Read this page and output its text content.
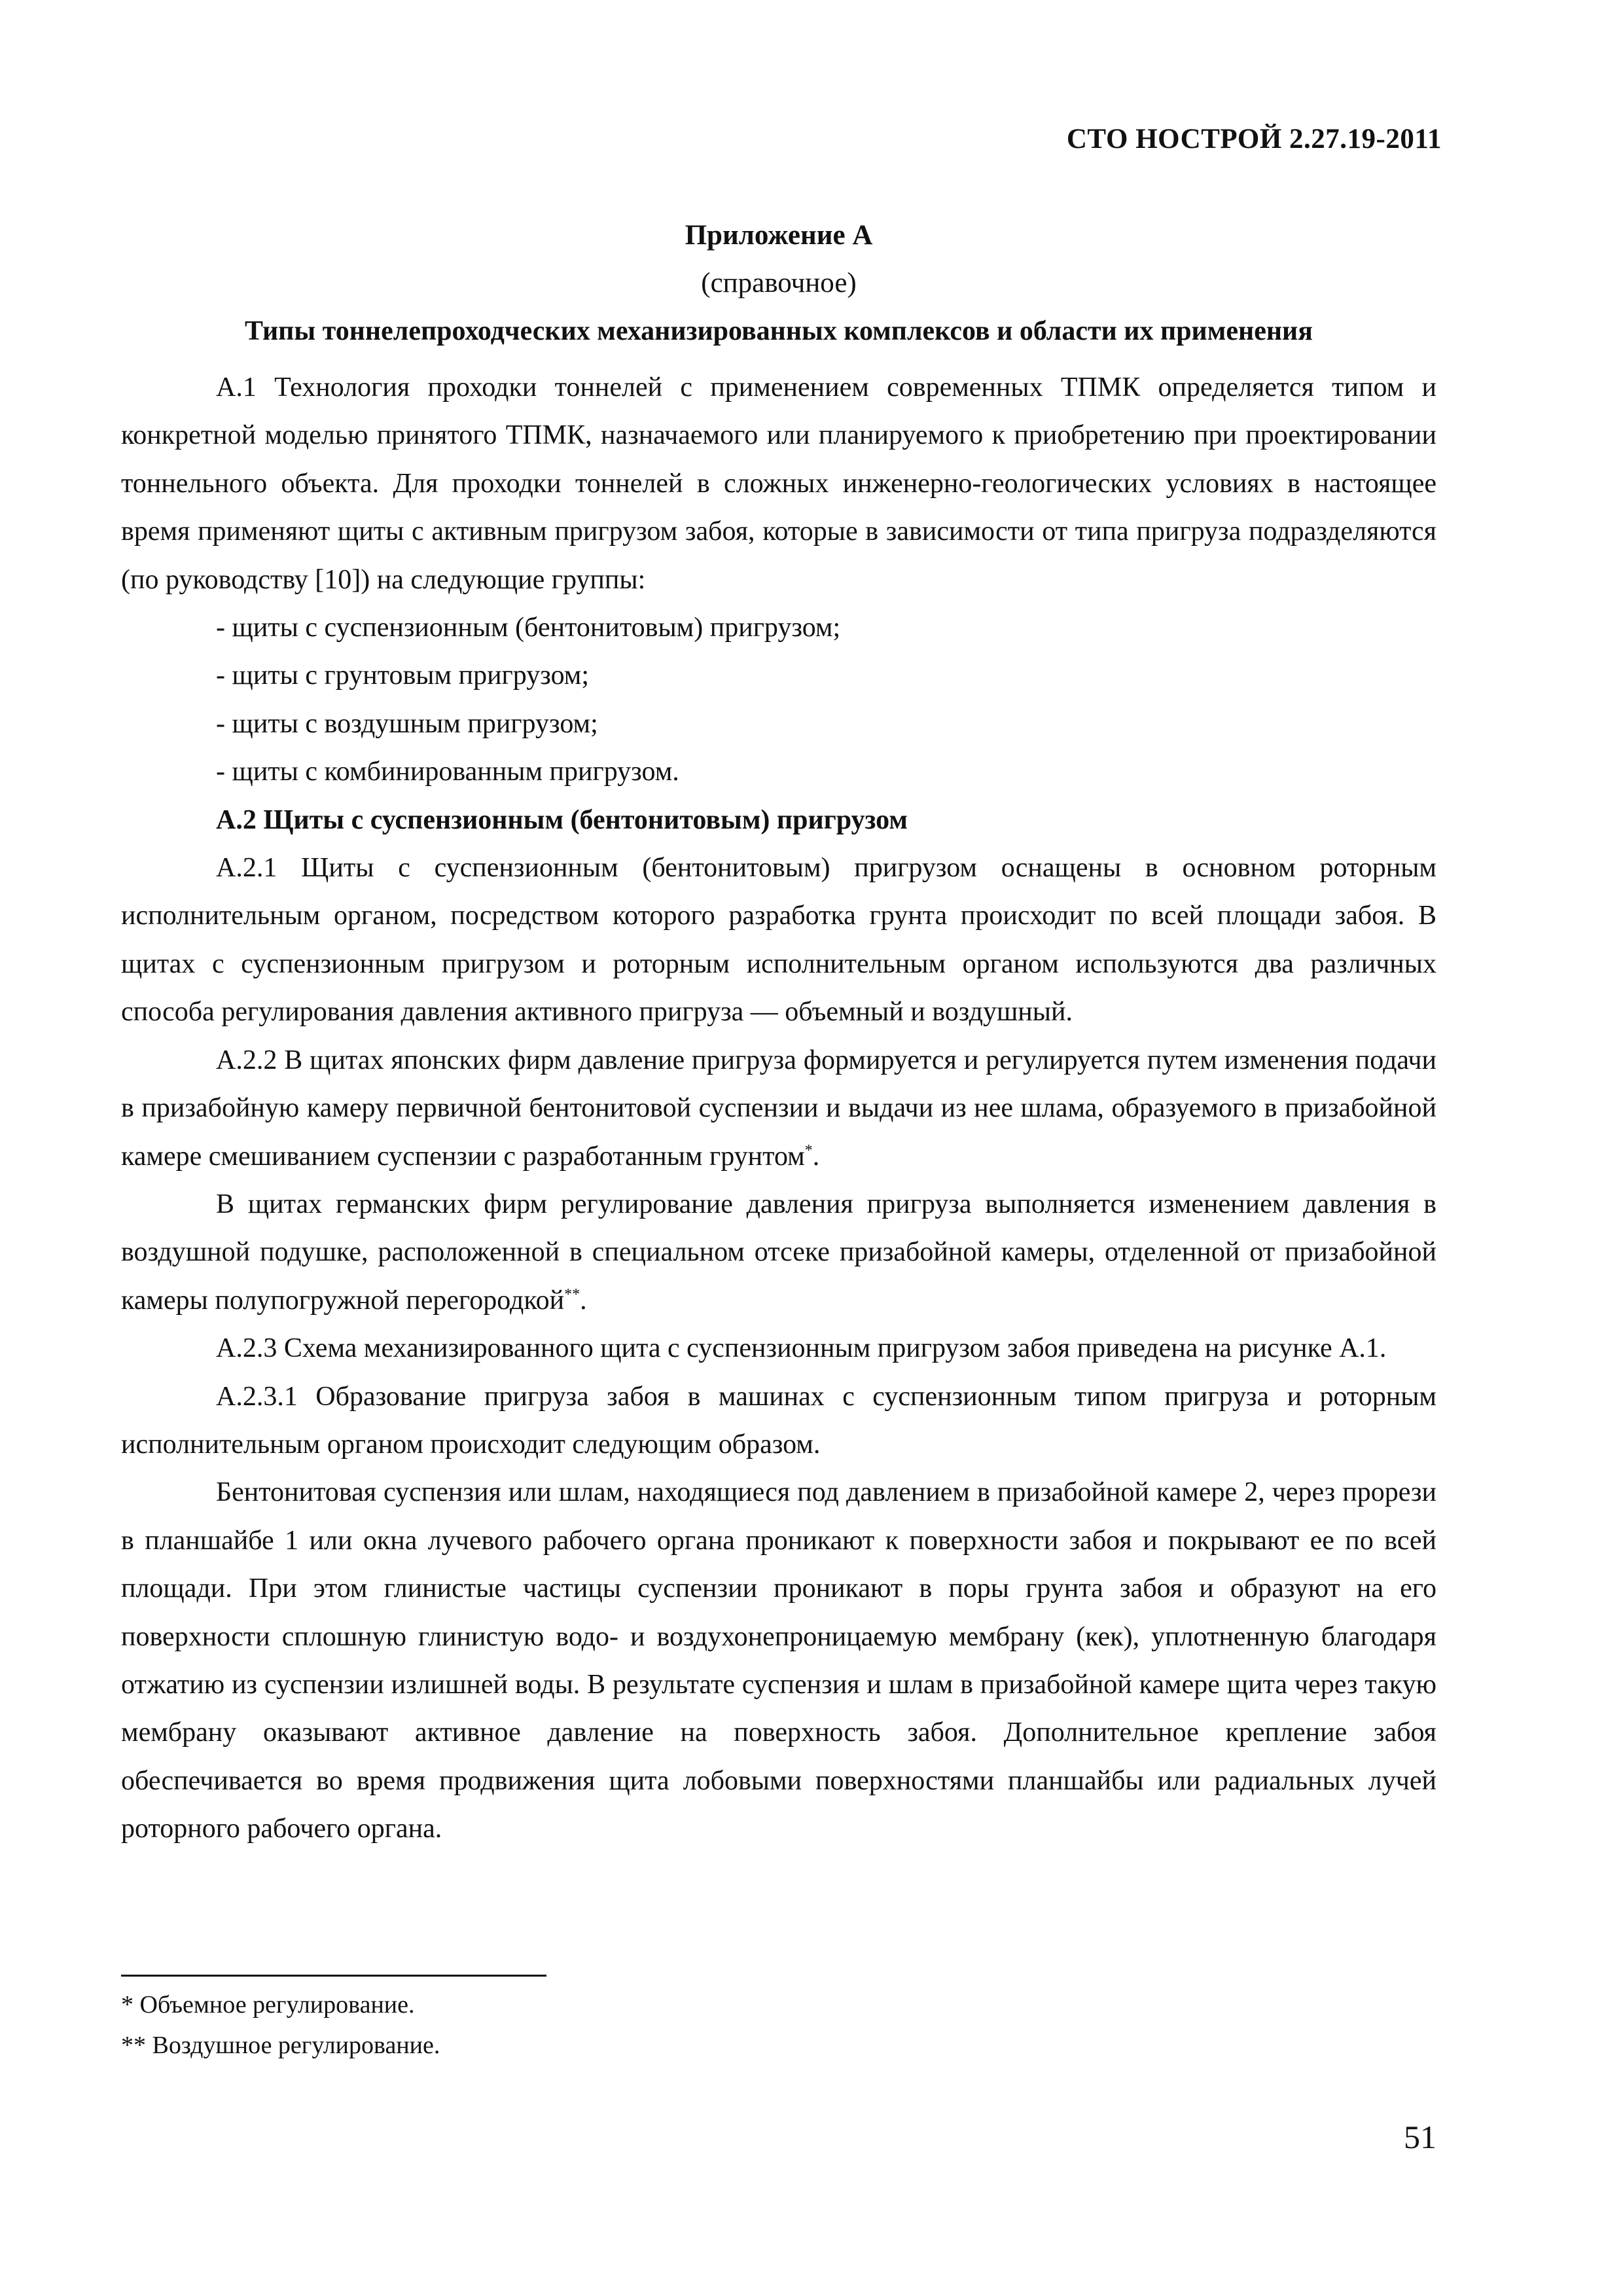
СТО НОСТРОЙ 2.27.19-2011
Приложение А
(справочное)
Типы тоннелепроходческих механизированных комплексов и области их применения

А.1 Технология проходки тоннелей с применением современных ТПМК определяется типом и конкретной моделью принятого ТПМК, назначаемого или планируемого к приобретению при проектировании тоннельного объекта. Для проходки тоннелей в сложных инженерно-геологических условиях в настоящее время применяют щиты с активным пригрузом забоя, которые в зависимости от типа пригруза подразделяются (по руководству [10]) на следующие группы:

- щиты с суспензионным (бентонитовым) пригрузом;

- щиты с грунтовым пригрузом;

- щиты с воздушным пригрузом;

- щиты с комбинированным пригрузом.

А.2 Щиты с суспензионным (бентонитовым) пригрузом

А.2.1 Щиты с суспензионным (бентонитовым) пригрузом оснащены в основном роторным исполнительным органом, посредством которого разработка грунта происходит по всей площади забоя. В щитах с суспензионным пригрузом и роторным исполнительным органом используются два различных способа регулирования давления активного пригруза — объемный и воздушный.

А.2.2 В щитах японских фирм давление пригруза формируется и регулируется путем изменения подачи в призабойную камеру первичной бентонитовой суспензии и выдачи из нее шлама, образуемого в призабойной камере смешиванием суспензии с разработанным грунтом*.

В щитах германских фирм регулирование давления пригруза выполняется изменением давления в воздушной подушке, расположенной в специальном отсеке призабойной камеры, отделенной от призабойной камеры полупогружной перегородкой**.

А.2.3 Схема механизированного щита с суспензионным пригрузом забоя приведена на рисунке А.1.

А.2.3.1 Образование пригруза забоя в машинах с суспензионным типом пригруза и роторным исполнительным органом происходит следующим образом.

Бентонитовая суспензия или шлам, находящиеся под давлением в призабойной камере 2, через прорези в планшайбе 1 или окна лучевого рабочего органа проникают к поверхности забоя и покрывают ее по всей площади. При этом глинистые частицы суспензии проникают в поры грунта забоя и образуют на его поверхности сплошную глинистую водо- и воздухонепроницаемую мембрану (кек), уплотненную благодаря отжатию из суспензии излишней воды. В результате суспензия и шлам в призабойной камере щита через такую мембрану оказывают активное давление на поверхность забоя. Дополнительное крепление забоя обеспечивается во время продвижения щита лобовыми поверхностями планшайбы или радиальных лучей роторного рабочего органа.

* Объемное регулирование.
** Воздушное регулирование.
51
